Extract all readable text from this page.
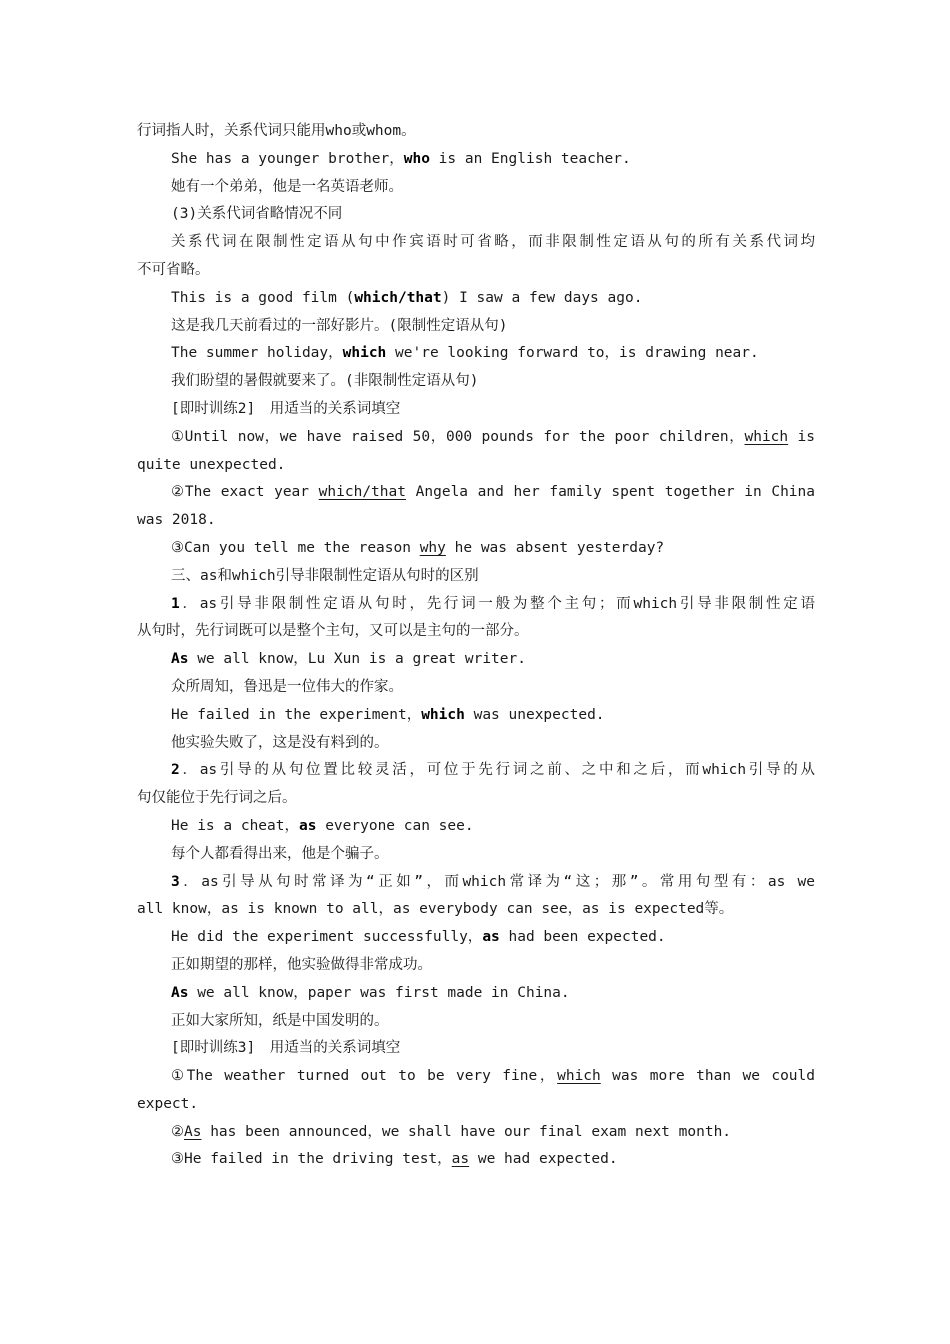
行词指人时，关系代词只能用who或whom。
She has a younger brother，who is an English teacher.
她有一个弟弟，他是一名英语老师。
(3)关系代词省略情况不同
关系代词在限制性定语从句中作宾语时可省略，而非限制性定语从句的所有关系代词均
不可省略。
This is a good film (which/that) I saw a few days ago.
这是我几天前看过的一部好影片。(限制性定语从句)
The summer holiday，which we're looking forward to，is drawing near.
我们盼望的暑假就要来了。(非限制性定语从句)
[即时训练2]　用适当的关系词填空
①Until now，we have raised 50，000 pounds for the poor children，which is
quite unexpected.
②The exact year which/that Angela and her family spent together in China
was 2018.
③Can you tell me the reason why he was absent yesterday?
三、as和which引导非限制性定语从句时的区别
1．as引导非限制性定语从句时，先行词一般为整个主句；而which引导非限制性定语
从句时，先行词既可以是整个主句，又可以是主句的一部分。
As we all know，Lu Xun is a great writer.
众所周知，鲁迅是一位伟大的作家。
He failed in the experiment，which was unexpected.
他实验失败了，这是没有料到的。
2．as引导的从句位置比较灵活，可位于先行词之前、之中和之后，而which引导的从
句仅能位于先行词之后。
He is a cheat，as everyone can see.
每个人都看得出来，他是个骗子。
3．as引导从句时常译为“正如”，而which常译为“这；那”。常用句型有：as we
all know，as is known to all，as everybody can see，as is expected等。
He did the experiment successfully，as had been expected.
正如期望的那样，他实验做得非常成功。
As we all know，paper was first made in China.
正如大家所知，纸是中国发明的。
[即时训练3]　用适当的关系词填空
①The weather turned out to be very fine，which was more than we could
expect.
②As has been announced，we shall have our final exam next month.
③He failed in the driving test，as we had expected.
